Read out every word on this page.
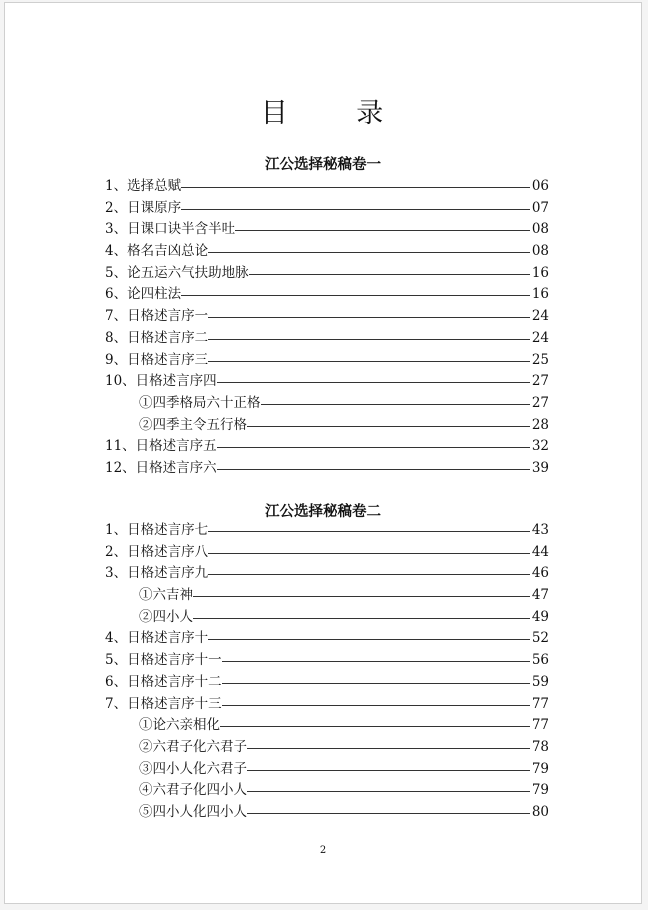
目 录
江公选择秘稿卷一
1、选择总赋	06
2、日课原序	07
3、日课口诀半含半吐	08
4、格名吉凶总论	08
5、论五运六气扶助地脉	16
6、论四柱法	16
7、日格述言序一	24
8、日格述言序二	24
9、日格述言序三	25
10、日格述言序四	27
①四季格局六十正格	27
②四季主令五行格	28
11、日格述言序五	32
12、日格述言序六	39
江公选择秘稿卷二
1、日格述言序七	43
2、日格述言序八	44
3、日格述言序九	46
①六吉神	47
②四小人	49
4、日格述言序十	52
5、日格述言序十一	56
6、日格述言序十二	59
7、日格述言序十三	77
①论六亲相化	77
②六君子化六君子	78
③四小人化六君子	79
④六君子化四小人	79
⑤四小人化四小人	80
2
